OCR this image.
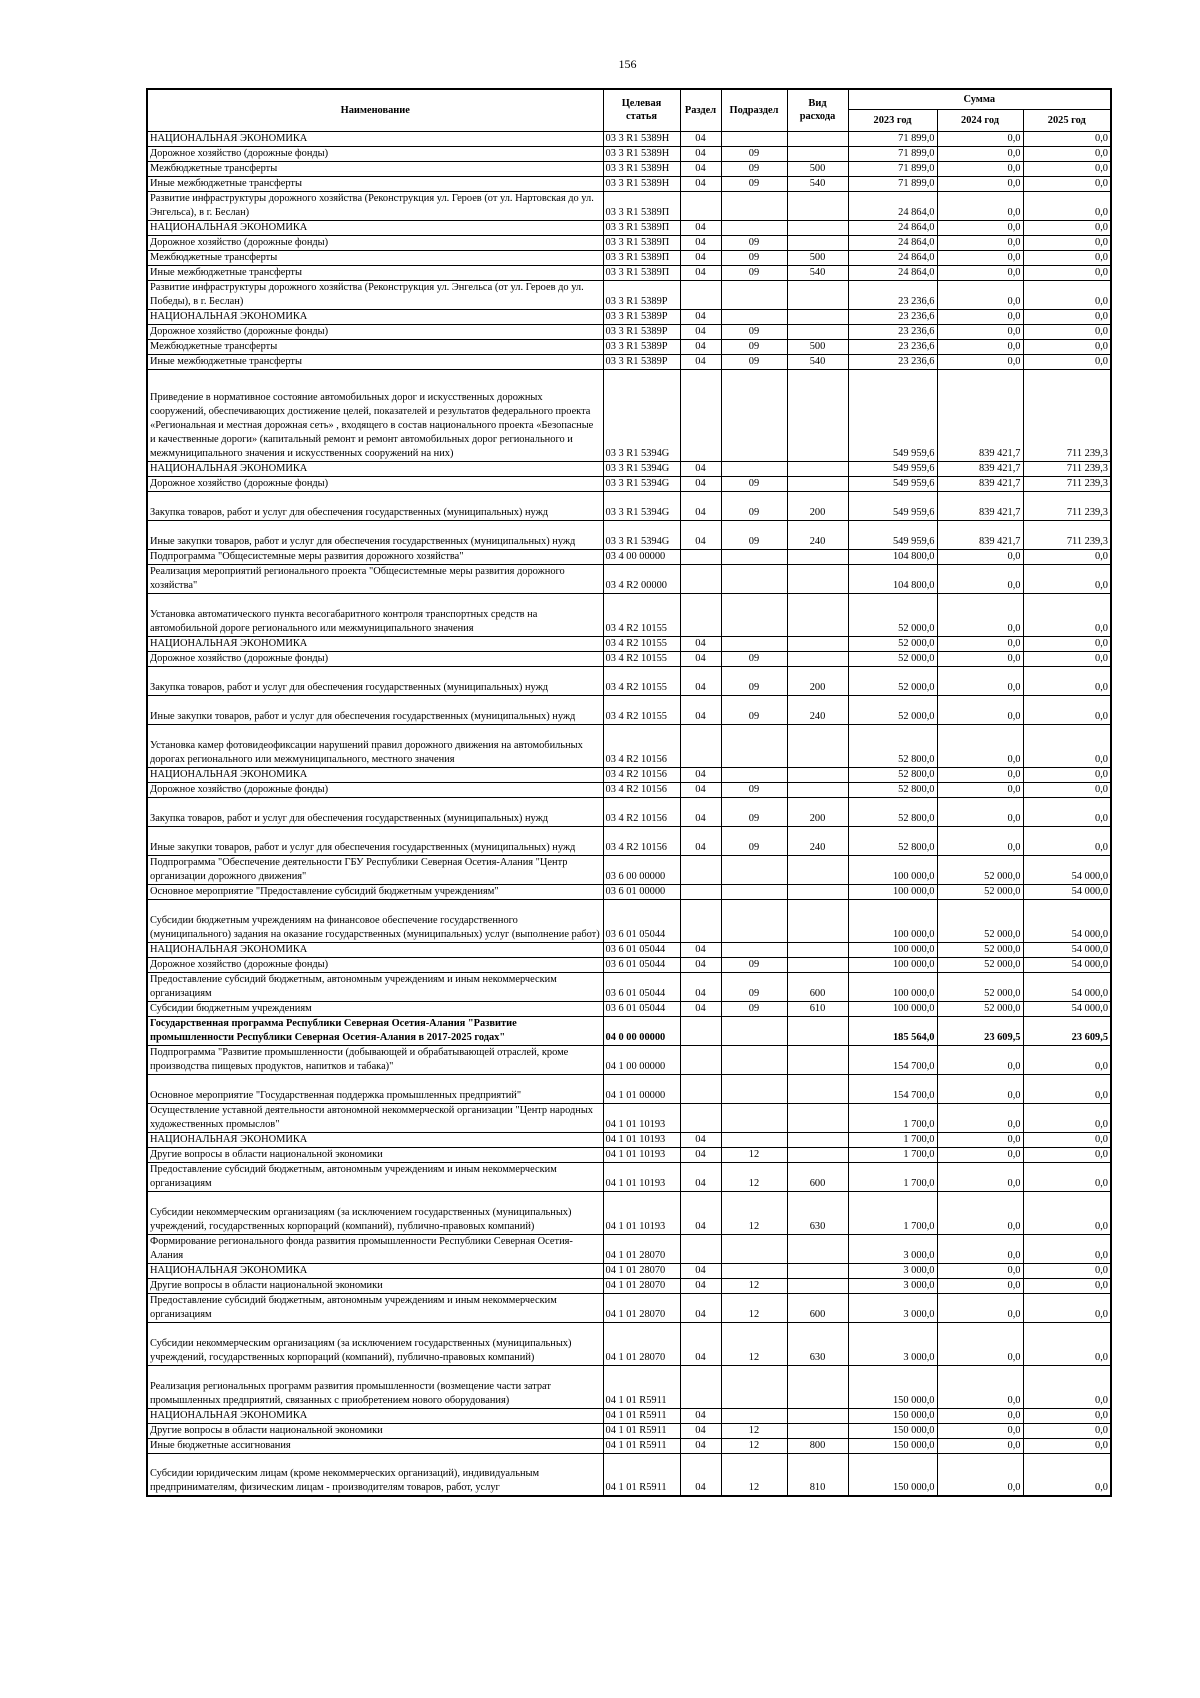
156
Наименование	Целевая статья	Раздел	Подраздел	Вид расхода	Сумма		
					2023 год	2024 год	2025 год
НАЦИОНАЛЬНАЯ ЭКОНОМИКА	03 3 R1 5389Н	04			71 899,0	0,0	0,0
Дорожное хозяйство (дорожные фонды)	03 3 R1 5389Н	04	09		71 899,0	0,0	0,0
Межбюджетные трансферты	03 3 R1 5389Н	04	09	500	71 899,0	0,0	0,0
Иные межбюджетные трансферты	03 3 R1 5389Н	04	09	540	71 899,0	0,0	0,0
Развитие инфраструктуры дорожного хозяйства (Реконструкция ул. Героев (от ул. Нартовская до ул. Энгельса), в г. Беслан)	03 3 R1 5389П				24 864,0	0,0	0,0
НАЦИОНАЛЬНАЯ ЭКОНОМИКА	03 3 R1 5389П	04			24 864,0	0,0	0,0
Дорожное хозяйство (дорожные фонды)	03 3 R1 5389П	04	09		24 864,0	0,0	0,0
Межбюджетные трансферты	03 3 R1 5389П	04	09	500	24 864,0	0,0	0,0
Иные межбюджетные трансферты	03 3 R1 5389П	04	09	540	24 864,0	0,0	0,0
Развитие инфраструктуры дорожного хозяйства (Реконструкция ул. Энгельса (от ул. Героев до ул. Победы), в г. Беслан)	03 3 R1 5389Р				23 236,6	0,0	0,0
НАЦИОНАЛЬНАЯ ЭКОНОМИКА	03 3 R1 5389Р	04			23 236,6	0,0	0,0
Дорожное хозяйство (дорожные фонды)	03 3 R1 5389Р	04	09		23 236,6	0,0	0,0
Межбюджетные трансферты	03 3 R1 5389Р	04	09	500	23 236,6	0,0	0,0
Иные межбюджетные трансферты	03 3 R1 5389Р	04	09	540	23 236,6	0,0	0,0
Приведение в нормативное состояние автомобильных дорог и искусственных дорожных сооружений, обеспечивающих достижение целей, показателей и результатов федерального проекта «Региональная и местная дорожная сеть» , входящего в состав национального проекта «Безопасные и качественные дороги» (капитальный ремонт и ремонт автомобильных дорог регионального и межмуниципального значения и искусственных сооружений на них)	03 3 R1 5394G				549 959,6	839 421,7	711 239,3
НАЦИОНАЛЬНАЯ ЭКОНОМИКА	03 3 R1 5394G	04			549 959,6	839 421,7	711 239,3
Дорожное хозяйство (дорожные фонды)	03 3 R1 5394G	04	09		549 959,6	839 421,7	711 239,3
Закупка товаров, работ и услуг для обеспечения государственных (муниципальных) нужд	03 3 R1 5394G	04	09	200	549 959,6	839 421,7	711 239,3
Иные закупки товаров, работ и услуг для обеспечения государственных (муниципальных) нужд	03 3 R1 5394G	04	09	240	549 959,6	839 421,7	711 239,3
Подпрограмма "Общесистемные меры развития дорожного хозяйства"	03 4 00 00000				104 800,0	0,0	0,0
Реализация мероприятий регионального проекта "Общесистемные меры развития дорожного хозяйства"	03 4 R2 00000				104 800,0	0,0	0,0
Установка автоматического пункта весогабаритного контроля транспортных средств на автомобильной дороге регионального или межмуниципального значения	03 4 R2 10155				52 000,0	0,0	0,0
НАЦИОНАЛЬНАЯ ЭКОНОМИКА	03 4 R2 10155	04			52 000,0	0,0	0,0
Дорожное хозяйство (дорожные фонды)	03 4 R2 10155	04	09		52 000,0	0,0	0,0
Закупка товаров, работ и услуг для обеспечения государственных (муниципальных) нужд	03 4 R2 10155	04	09	200	52 000,0	0,0	0,0
Иные закупки товаров, работ и услуг для обеспечения государственных (муниципальных) нужд	03 4 R2 10155	04	09	240	52 000,0	0,0	0,0
Установка камер фотовидеофиксации нарушений правил дорожного движения на автомобильных дорогах регионального или межмуниципального, местного значения	03 4 R2 10156				52 800,0	0,0	0,0
НАЦИОНАЛЬНАЯ ЭКОНОМИКА	03 4 R2 10156	04			52 800,0	0,0	0,0
Дорожное хозяйство (дорожные фонды)	03 4 R2 10156	04	09		52 800,0	0,0	0,0
Закупка товаров, работ и услуг для обеспечения государственных (муниципальных) нужд	03 4 R2 10156	04	09	200	52 800,0	0,0	0,0
Иные закупки товаров, работ и услуг для обеспечения государственных (муниципальных) нужд	03 4 R2 10156	04	09	240	52 800,0	0,0	0,0
Подпрограмма "Обеспечение деятельности ГБУ Республики Северная Осетия-Алания "Центр организации дорожного движения"	03 6 00 00000				100 000,0	52 000,0	54 000,0
Основное мероприятие "Предоставление субсидий бюджетным учреждениям"	03 6 01 00000				100 000,0	52 000,0	54 000,0
Субсидии бюджетным учреждениям на финансовое обеспечение государственного (муниципального) задания на оказание государственных (муниципальных) услуг (выполнение работ)	03 6 01 05044				100 000,0	52 000,0	54 000,0
НАЦИОНАЛЬНАЯ ЭКОНОМИКА	03 6 01 05044	04			100 000,0	52 000,0	54 000,0
Дорожное хозяйство (дорожные фонды)	03 6 01 05044	04	09		100 000,0	52 000,0	54 000,0
Предоставление субсидий бюджетным, автономным учреждениям и иным некоммерческим организациям	03 6 01 05044	04	09	600	100 000,0	52 000,0	54 000,0
Субсидии бюджетным учреждениям	03 6 01 05044	04	09	610	100 000,0	52 000,0	54 000,0
Государственная программа Республики Северная Осетия-Алания "Развитие промышленности Республики Северная Осетия-Алания в 2017-2025 годах"	04 0 00 00000				185 564,0	23 609,5	23 609,5
Подпрограмма "Развитие промышленности (добывающей и обрабатывающей отраслей, кроме производства пищевых продуктов, напитков и табака)"	04 1 00 00000				154 700,0	0,0	0,0
Основное мероприятие "Государственная поддержка промышленных предприятий"	04 1 01 00000				154 700,0	0,0	0,0
Осуществление уставной деятельности автономной некоммерческой организации "Центр народных художественных промыслов"	04 1 01 10193				1 700,0	0,0	0,0
НАЦИОНАЛЬНАЯ ЭКОНОМИКА	04 1 01 10193	04			1 700,0	0,0	0,0
Другие вопросы в области национальной экономики	04 1 01 10193	04	12		1 700,0	0,0	0,0
Предоставление субсидий бюджетным, автономным учреждениям и иным некоммерческим организациям	04 1 01 10193	04	12	600	1 700,0	0,0	0,0
Субсидии некоммерческим организациям (за исключением государственных (муниципальных) учреждений, государственных корпораций (компаний), публично-правовых компаний)	04 1 01 10193	04	12	630	1 700,0	0,0	0,0
Формирование регионального фонда развития промышленности Республики Северная Осетия-Алания	04 1 01 28070				3 000,0	0,0	0,0
НАЦИОНАЛЬНАЯ ЭКОНОМИКА	04 1 01 28070	04			3 000,0	0,0	0,0
Другие вопросы в области национальной экономики	04 1 01 28070	04	12		3 000,0	0,0	0,0
Предоставление субсидий бюджетным, автономным учреждениям и иным некоммерческим организациям	04 1 01 28070	04	12	600	3 000,0	0,0	0,0
Субсидии некоммерческим организациям (за исключением государственных (муниципальных) учреждений, государственных корпораций (компаний), публично-правовых компаний)	04 1 01 28070	04	12	630	3 000,0	0,0	0,0
Реализация региональных программ развития промышленности (возмещение части затрат промышленных предприятий, связанных с приобретением нового оборудования)	04 1 01 R5911				150 000,0	0,0	0,0
НАЦИОНАЛЬНАЯ ЭКОНОМИКА	04 1 01 R5911	04			150 000,0	0,0	0,0
Другие вопросы в области национальной экономики	04 1 01 R5911	04	12		150 000,0	0,0	0,0
Иные бюджетные ассигнования	04 1 01 R5911	04	12	800	150 000,0	0,0	0,0
Субсидии юридическим лицам (кроме некоммерческих организаций), индивидуальным предпринимателям, физическим лицам - производителям товаров, работ, услуг	04 1 01 R5911	04	12	810	150 000,0	0,0	0,0
